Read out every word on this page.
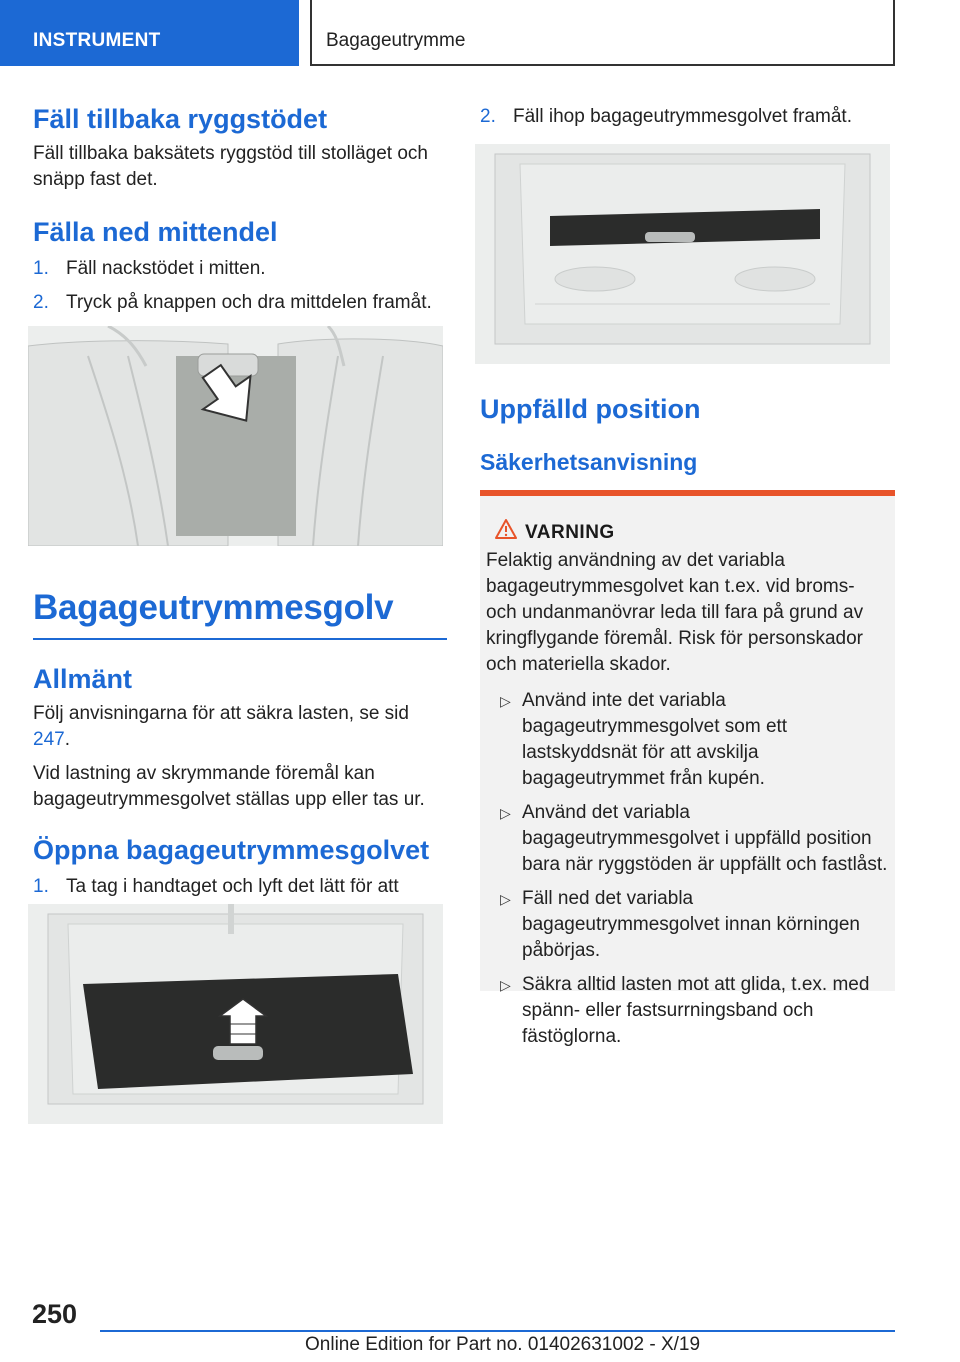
INSTRUMENT	Bagageutrymme
Fäll tillbaka ryggstödet

Fäll tillbaka baksätets ryggstöd till stolläget och snäpp fast det.

Fälla ned mittendel
1. Fäll nackstödet i mitten.
2. Tryck på knappen och dra mittdelen framåt.
Bagageutrymmesgolv
Allmänt

Följ anvisningarna för att säkra lasten, se sid 247.

Vid lastning av skrymmande föremål kan bagageutrymmesgolvet ställas upp eller tas ur.

Öppna bagageutrymmesgolvet
1. Ta tag i handtaget och lyft det lätt för att
2. Fäll ihop bagageutrymmesgolvet framåt.
Uppfälld position
Säkerhetsanvisning
VARNING

Felaktig användning av det variabla bagageutrymmesgolvet kan t.ex. vid broms- och undanmanövrar leda till fara på grund av kringflygande föremål. Risk för personskador och materiella skador.

▷ Använd inte det variabla bagageutrymmesgolvet som ett lastskyddsnät för att avskilja bagageutrymmet från kupén.
▷ Använd det variabla bagageutrymmesgolvet i uppfälld position bara när ryggstöden är uppfällt och fastlåst.
▷ Fäll ned det variabla bagageutrymmesgolvet innan körningen påbörjas.
▷ Säkra alltid lasten mot att glida, t.ex. med spänn- eller fastsurrningsband och fästöglorna.
250
Online Edition for Part no. 01402631002 - X/19
